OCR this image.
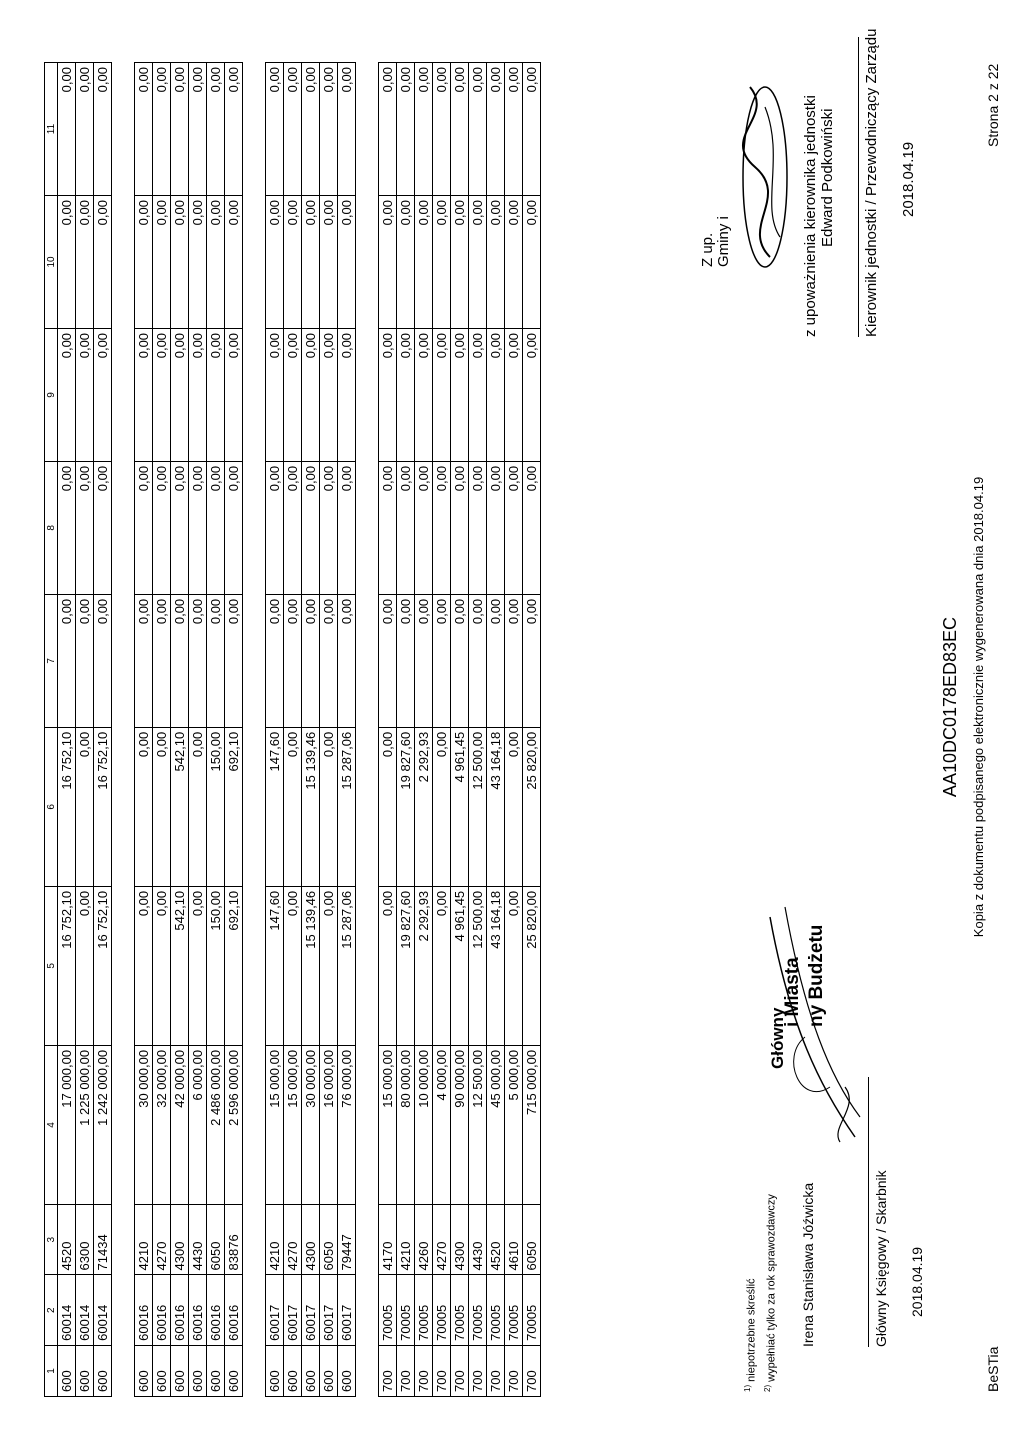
1	2	3	4	5	6	7	8	9	10	11
600	60014	4520	17 000,00	16 752,10	16 752,10	0,00	0,00	0,00	0,00	0,00
600	60014	6300	1 225 000,00	0,00	0,00	0,00	0,00	0,00	0,00	0,00
600	60014	71434	1 242 000,00	16 752,10	16 752,10	0,00	0,00	0,00	0,00	0,00

600	60016	4210	30 000,00	0,00	0,00	0,00	0,00	0,00	0,00	0,00
600	60016	4270	32 000,00	0,00	0,00	0,00	0,00	0,00	0,00	0,00
600	60016	4300	42 000,00	542,10	542,10	0,00	0,00	0,00	0,00	0,00
600	60016	4430	6 000,00	0,00	0,00	0,00	0,00	0,00	0,00	0,00
600	60016	6050	2 486 000,00	150,00	150,00	0,00	0,00	0,00	0,00	0,00
600	60016	83876	2 596 000,00	692,10	692,10	0,00	0,00	0,00	0,00	0,00

600	60017	4210	15 000,00	147,60	147,60	0,00	0,00	0,00	0,00	0,00
600	60017	4270	15 000,00	0,00	0,00	0,00	0,00	0,00	0,00	0,00
600	60017	4300	30 000,00	15 139,46	15 139,46	0,00	0,00	0,00	0,00	0,00
600	60017	6050	16 000,00	0,00	0,00	0,00	0,00	0,00	0,00	0,00
600	60017	79447	76 000,00	15 287,06	15 287,06	0,00	0,00	0,00	0,00	0,00

700	70005	4170	15 000,00	0,00	0,00	0,00	0,00	0,00	0,00	0,00
700	70005	4210	80 000,00	19 827,60	19 827,60	0,00	0,00	0,00	0,00	0,00
700	70005	4260	10 000,00	2 292,93	2 292,93	0,00	0,00	0,00	0,00	0,00
700	70005	4270	4 000,00	0,00	0,00	0,00	0,00	0,00	0,00	0,00
700	70005	4300	90 000,00	4 961,45	4 961,45	0,00	0,00	0,00	0,00	0,00
700	70005	4430	12 500,00	12 500,00	12 500,00	0,00	0,00	0,00	0,00	0,00
700	70005	4520	45 000,00	43 164,18	43 164,18	0,00	0,00	0,00	0,00	0,00
700	70005	4610	5 000,00	0,00	0,00	0,00	0,00	0,00	0,00	0,00
700	70005	6050	715 000,00	25 820,00	25 820,00	0,00	0,00	0,00	0,00	0,00
$^{1)}$ niepotrzebne skreślić
$^{2)}$ wypełniać tylko za rok sprawozdawczy Irena Stanisława Jóźwicka	Główny Księgowy / Skarbnik 2018.04.19
i Miasta ny Budżetu
Główny
AA10DC0178ED83EC Kopia z dokumentu podpisanego elektronicznie wygenerowana dnia 2018.04.19
Z up. Gminy i	z upoważnienia kierownika jednostki Edward Podkowiński Kierownik jednostki / Przewodniczący Zarządu 2018.04.19
BeSTia
Strona 2 z 22
